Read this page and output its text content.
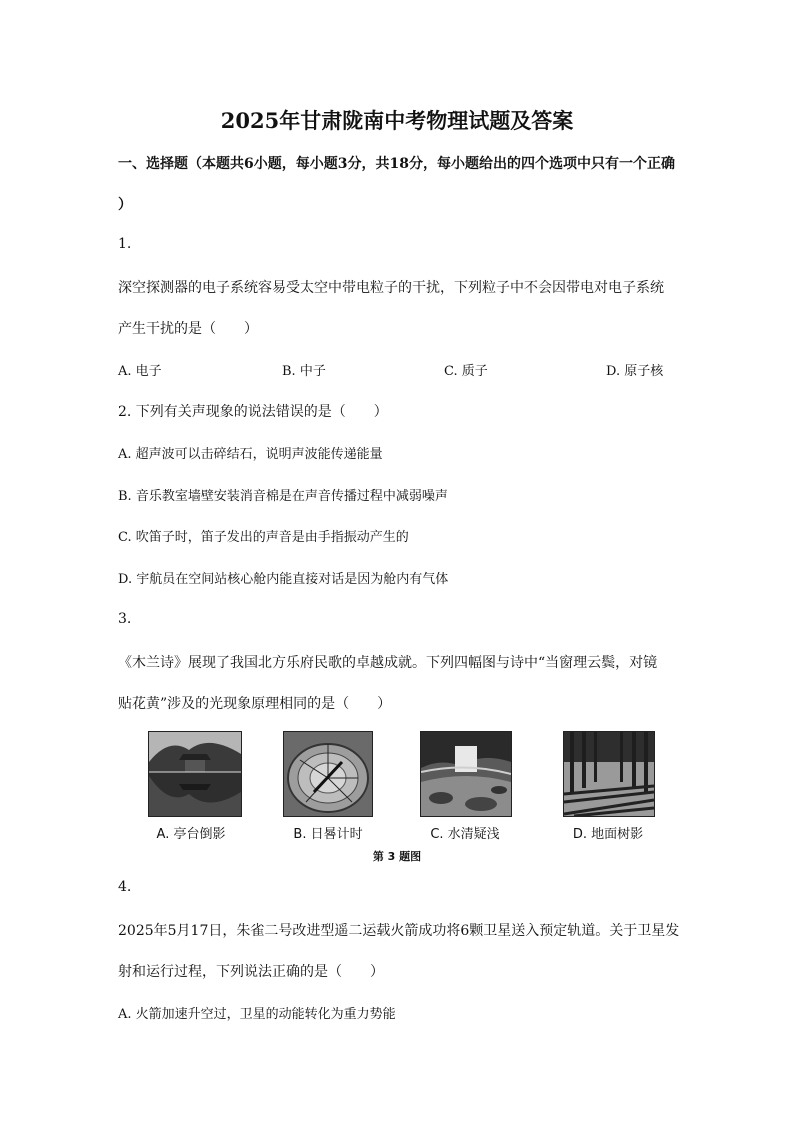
2025年甘肃陇南中考物理试题及答案
一、选择题（本题共6小题，每小题3分，共18分，每小题给出的四个选项中只有一个正确
）
1.
深空探测器的电子系统容易受太空中带电粒子的干扰，下列粒子中不会因带电对电子系统
产生干扰的是（　　）
A. 电子	B. 中子	C. 质子	D. 原子核
2. 下列有关声现象的说法错误的是（　　）
A. 超声波可以击碎结石，说明声波能传递能量
B. 音乐教室墙壁安装消音棉是在声音传播过程中减弱噪声
C. 吹笛子时，笛子发出的声音是由手指振动产生的
D. 宇航员在空间站核心舱内能直接对话是因为舱内有气体
3.
《木兰诗》展现了我国北方乐府民歌的卓越成就。下列四幅图与诗中“当窗理云鬓，对镜
贴花黄”涉及的光现象原理相同的是（　　）
A. 亭台倒影	B. 日晷计时	C. 水清疑浅	D. 地面树影
第 3 题图
4.
2025年5月17日，朱雀二号改进型遥二运载火箭成功将6颗卫星送入预定轨道。关于卫星发
射和运行过程，下列说法正确的是（　　）
A. 火箭加速升空过，卫星的动能转化为重力势能
